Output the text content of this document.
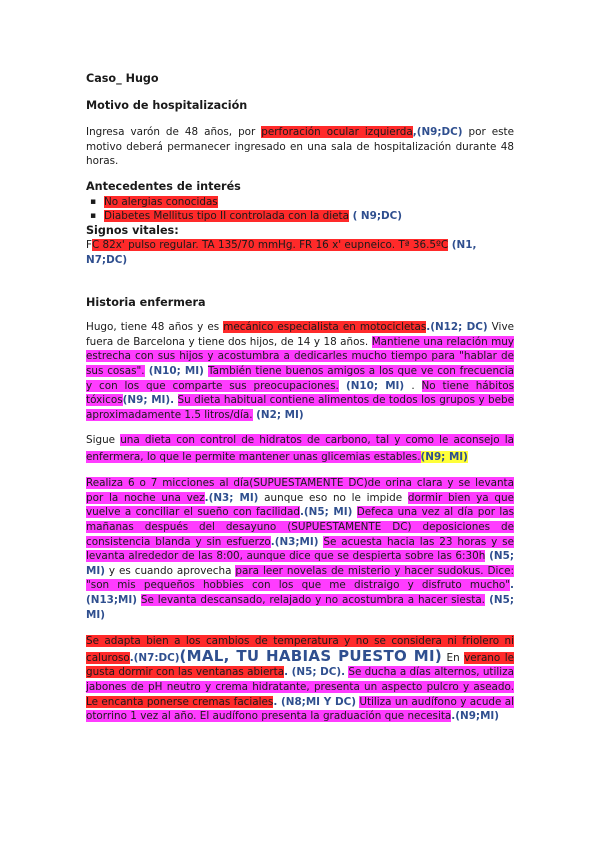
Caso_ Hugo

Motivo de hospitalización

Ingresa varón de 48 años, por perforación ocular izquierda,(N9;DC) por este motivo deberá permanecer ingresado en una sala de hospitalización durante 48 horas.

Antecedentes de interés

▪ No alergias conocidas
▪ Diabetes Mellitus tipo II controlada con la dieta ( N9;DC)

Signos vitales:

FC 82x' pulso regular. TA 135/70 mmHg. FR 16 x' eupneico. Tª 36.5ºC (N1, N7;DC)

Historia enfermera

Hugo, tiene 48 años y es mecánico especialista en motocicletas.(N12; DC) Vive fuera de Barcelona y tiene dos hijos, de 14 y 18 años. Mantiene una relación muy estrecha con sus hijos y acostumbra a dedicarles mucho tiempo para "hablar de sus cosas". (N10; MI) También tiene buenos amigos a los que ve con frecuencia y con los que comparte sus preocupaciones. (N10; MI) . No tiene hábitos tóxicos(N9; MI). Su dieta habitual contiene alimentos de todos los grupos y bebe aproximadamente 1.5 litros/día. (N2; MI)

Sigue una dieta con control de hidratos de carbono, tal y como le aconsejo la enfermera, lo que le permite mantener unas glicemias estables.(N9; MI)

Realiza 6 o 7 micciones al día(SUPUESTAMENTE DC)de orina clara y se levanta por la noche una vez.(N3; MI) aunque eso no le impide dormir bien ya que vuelve a conciliar el sueño con facilidad.(N5; MI) Defeca una vez al día por las mañanas después del desayuno (SUPUESTAMENTE DC) deposiciones de consistencia blanda y sin esfuerzo.(N3;MI) Se acuesta hacia las 23 horas y se levanta alrededor de las 8:00, aunque dice que se despierta sobre las 6:30h (N5; MI) y es cuando aprovecha para leer novelas de misterio y hacer sudokus. Dice: "son mis pequeños hobbies con los que me distraigo y disfruto mucho". (N13;MI) Se levanta descansado, relajado y no acostumbra a hacer siesta. (N5; MI)

Se adapta bien a los cambios de temperatura y no se considera ni friolero ni caluroso.(N7:DC)(MAL, TU HABIAS PUESTO MI) En verano le gusta dormir con las ventanas abierta. (N5; DC). Se ducha a días alternos, utiliza jabones de pH neutro y crema hidratante, presenta un aspecto pulcro y aseado. Le encanta ponerse cremas faciales. (N8;MI Y DC) Utiliza un audífono y acude al otorrino 1 vez al año. El audífono presenta la graduación que necesita.(N9;MI)
